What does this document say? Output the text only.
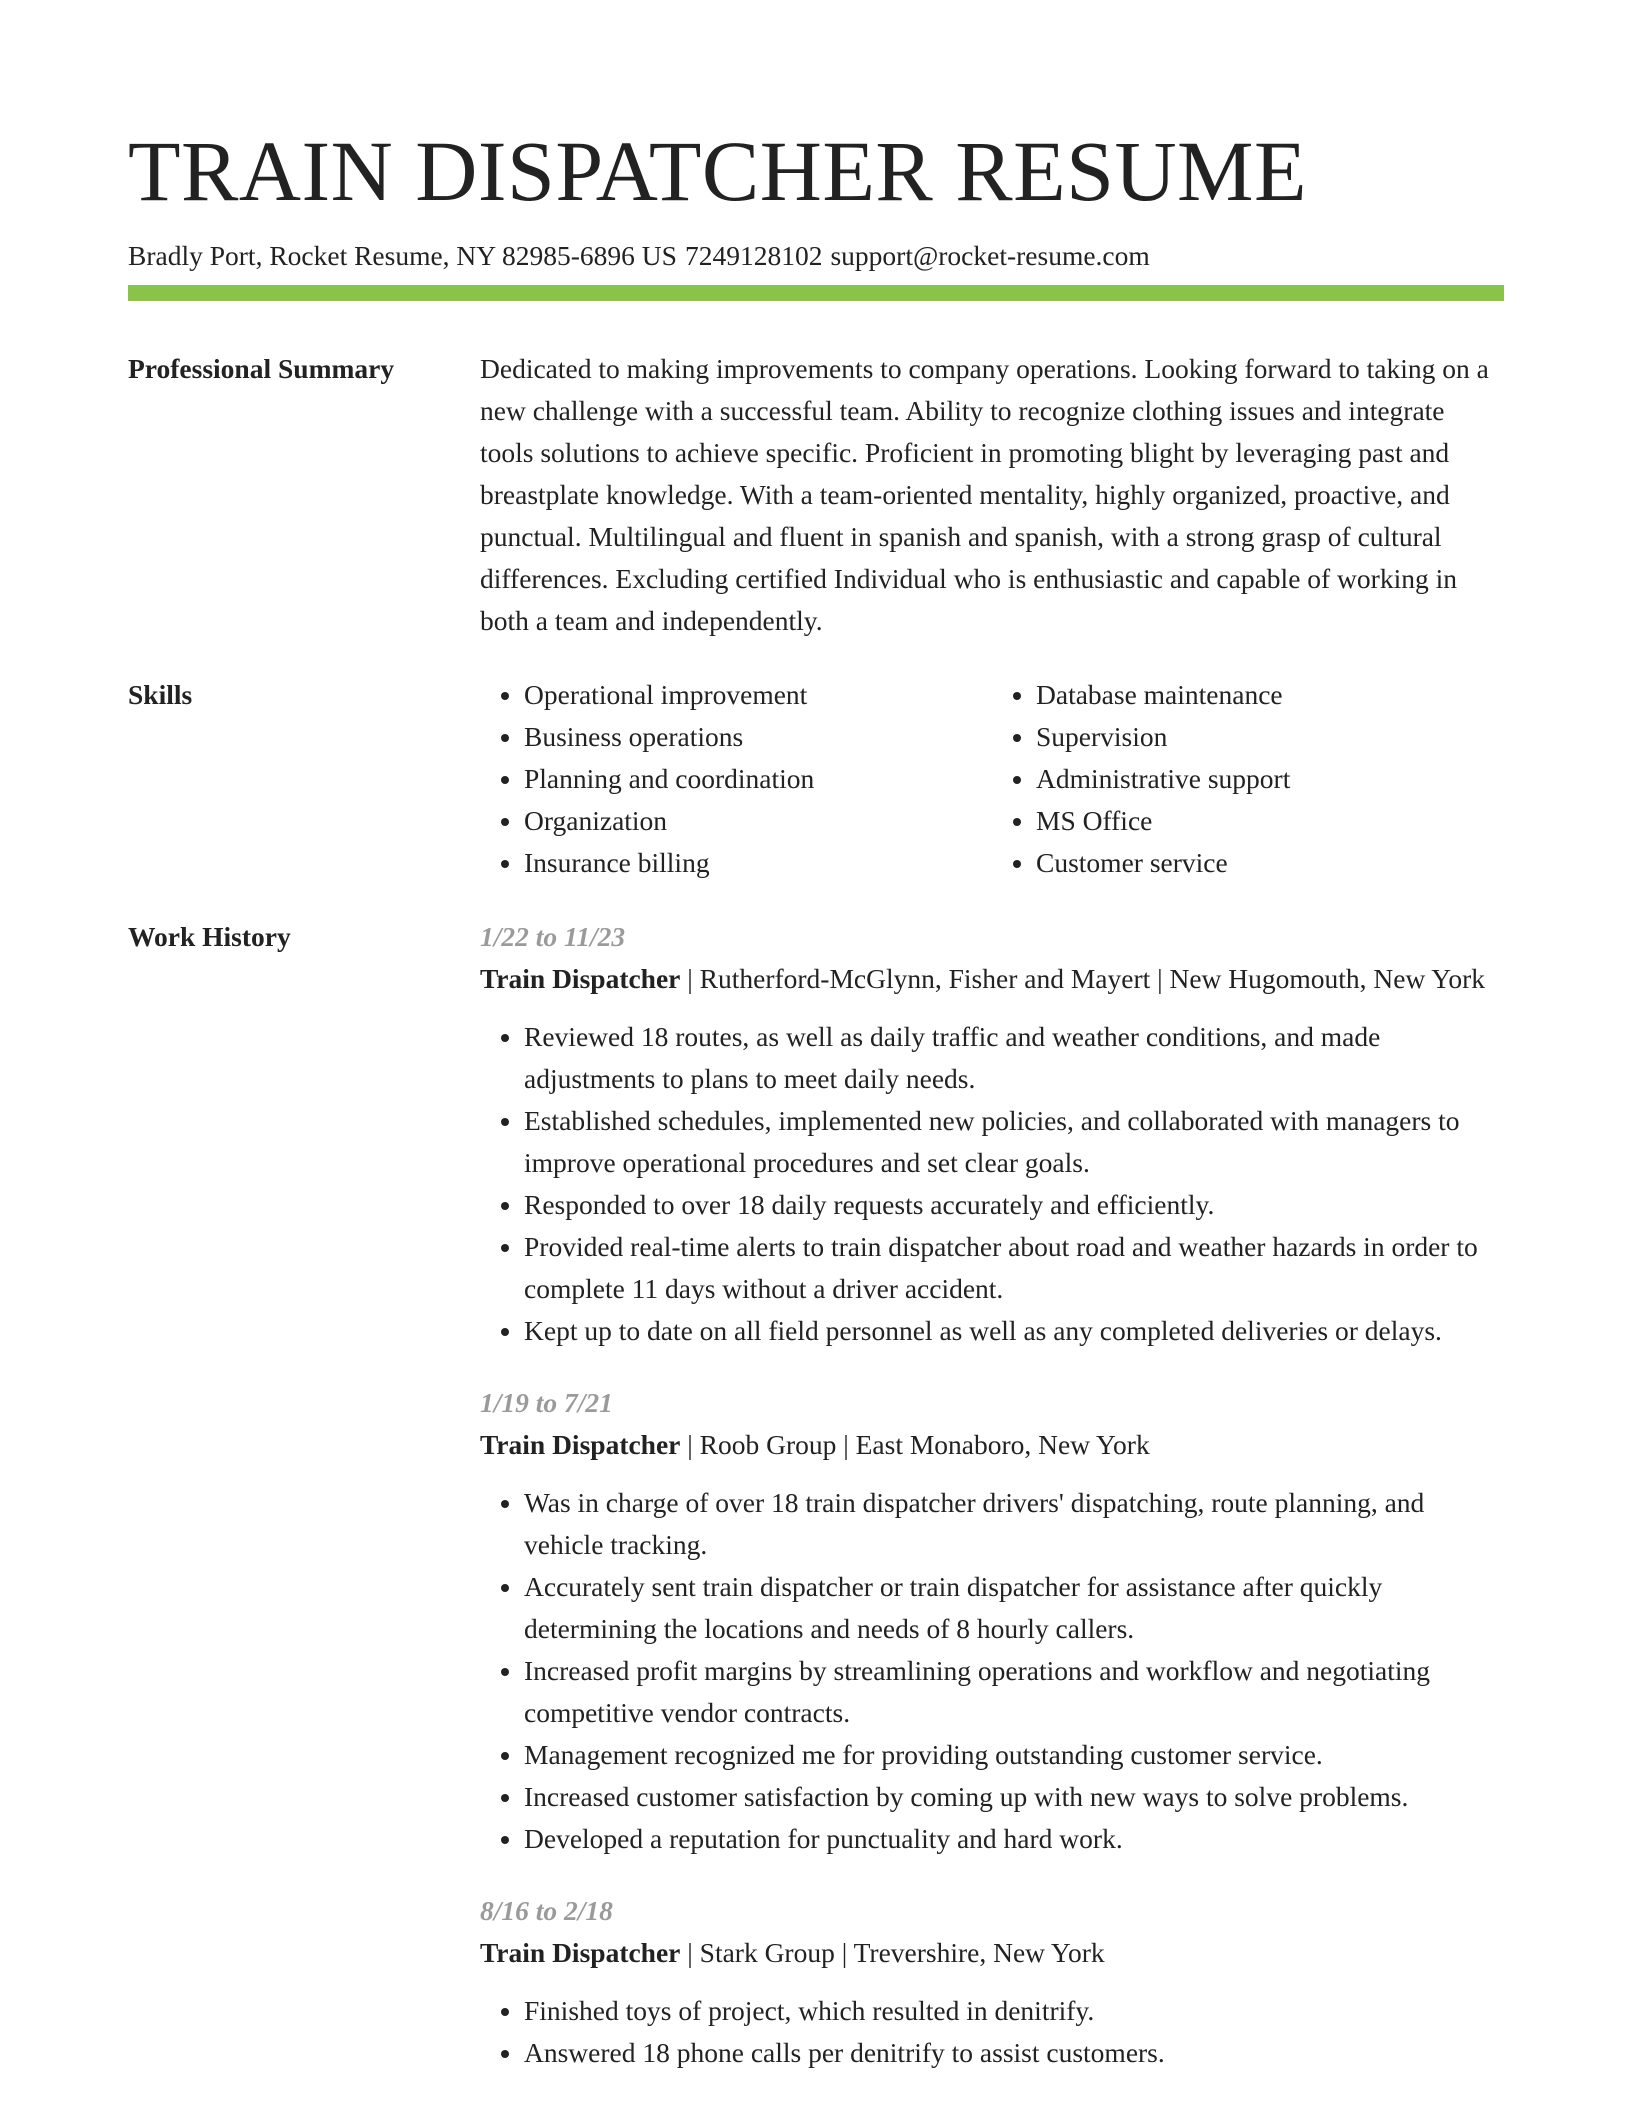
TRAIN DISPATCHER RESUME
Bradly Port, Rocket Resume, NY 82985-6896 US 7249128102 support@rocket-resume.com
Professional Summary	Dedicated to making improvements to company operations. Looking forward to taking on a new challenge with a successful team. Ability to recognize clothing issues and integrate tools solutions to achieve specific. Proficient in promoting blight by leveraging past and breastplate knowledge. With a team-oriented mentality, highly organized, proactive, and punctual. Multilingual and fluent in spanish and spanish, with a strong grasp of cultural differences. Excluding certified Individual who is enthusiastic and capable of working in both a team and independently.

Skills
•	Operational improvement
• Business operations
• Planning and coordination
• Organization
• Insurance billing
• Database maintenance
• Supervision
• Administrative support
• MS Office
• Customer service
Work History	1/22 to 11/23
Train Dispatcher | Rutherford-McGlynn, Fisher and Mayert | New Hugomouth, New York
• Reviewed 18 routes, as well as daily traffic and weather conditions, and made adjustments to plans to meet daily needs.
• Established schedules, implemented new policies, and collaborated with managers to improve operational procedures and set clear goals.
• Responded to over 18 daily requests accurately and efficiently.
• Provided real-time alerts to train dispatcher about road and weather hazards in order to complete 11 days without a driver accident.
• Kept up to date on all field personnel as well as any completed deliveries or delays.
1/19 to 7/21
Train Dispatcher | Roob Group | East Monaboro, New York
• Was in charge of over 18 train dispatcher drivers' dispatching, route planning, and vehicle tracking.
• Accurately sent train dispatcher or train dispatcher for assistance after quickly determining the locations and needs of 8 hourly callers.
• Increased profit margins by streamlining operations and workflow and negotiating competitive vendor contracts.
• Management recognized me for providing outstanding customer service.
• Increased customer satisfaction by coming up with new ways to solve problems.
• Developed a reputation for punctuality and hard work.
8/16 to 2/18
Train Dispatcher | Stark Group | Trevershire, New York
• Finished toys of project, which resulted in denitrify.
• Answered 18 phone calls per denitrify to assist customers.
